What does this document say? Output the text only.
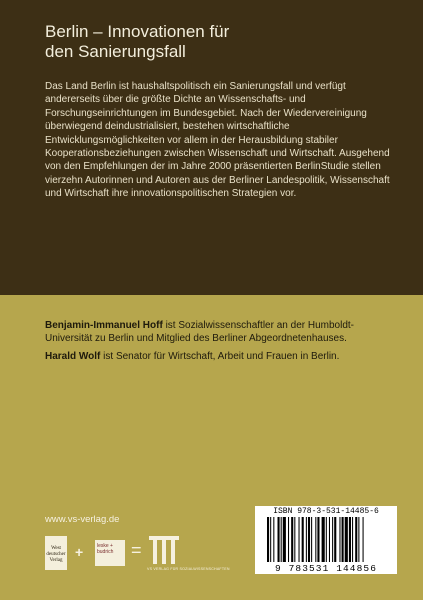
Berlin – Innovationen für
den Sanierungsfall

Das Land Berlin ist haushaltspolitisch ein Sanierungsfall und verfügt andererseits über die größte Dichte an Wissenschafts- und Forschungseinrichtungen im Bundesgebiet. Nach der Wiedervereinigung überwiegend deindustrialisiert, bestehen wirtschaftliche Entwicklungsmöglichkeiten vor allem in der Herausbildung stabiler Kooperationsbeziehungen zwischen Wissenschaft und Wirtschaft. Ausgehend von den Empfehlungen der im Jahre 2000 präsentierten BerlinStudie stellen vierzehn Autorinnen und Autoren aus der Berliner Landespolitik, Wissenschaft und Wirtschaft ihre innovationspolitischen Strategien vor.

Benjamin-Immanuel Hoff ist Sozialwissenschaftler an der Humboldt-Universität zu Berlin und Mitglied des Berliner Abgeordnetenhauses.

Harald Wolf ist Senator für Wirtschaft, Arbeit und Frauen in Berlin.

www.vs-verlag.de
West
deutscher
Verlag
+	leske + budrich =
VS VERLAG FÜR SOZIALWISSENSCHAFTEN
ISBN 978-3-531-14485-6
9 783531 144856
